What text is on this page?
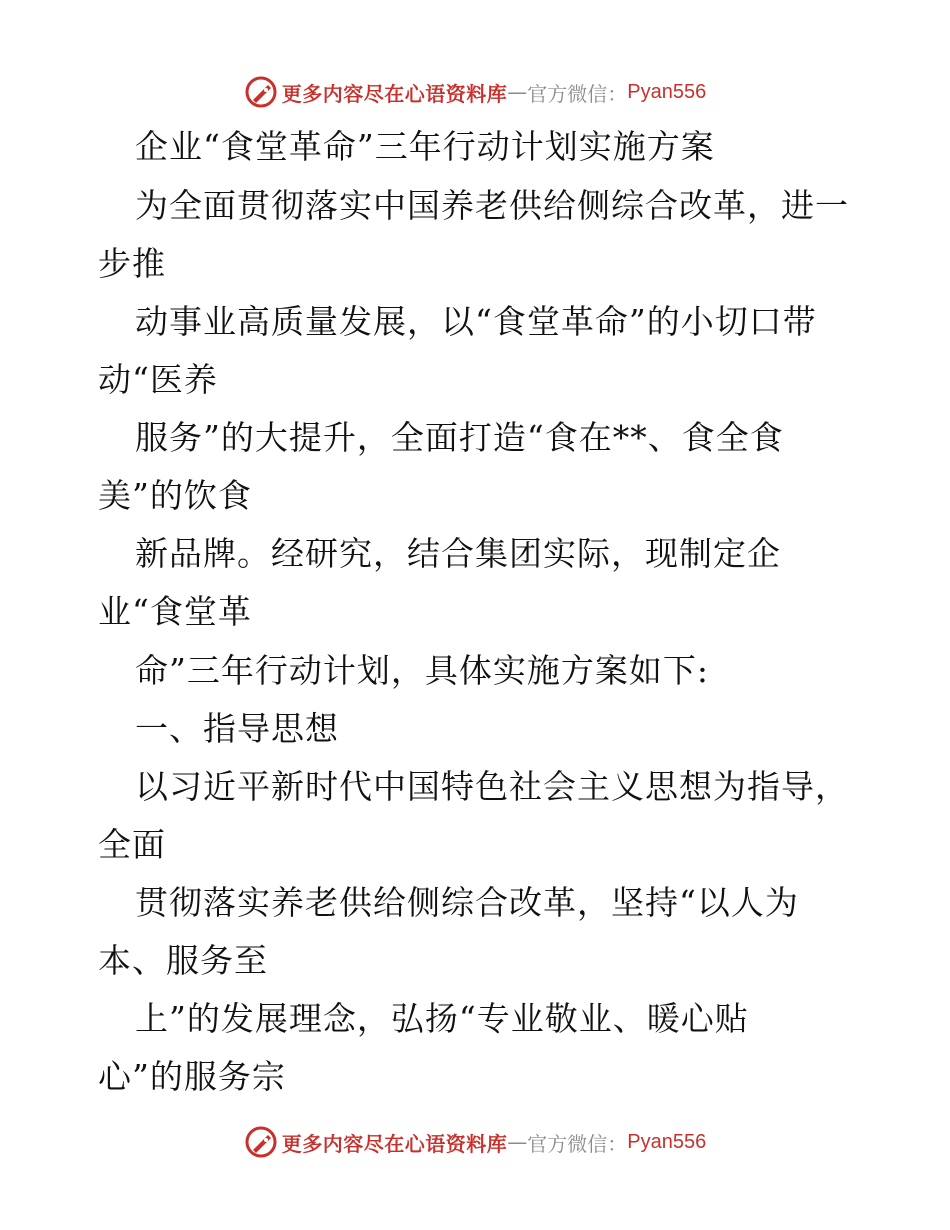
更多内容尽在心语资料库 — 官方微信： Pyan556
企业“食堂革命”三年行动计划实施方案
为全面贯彻落实中国养老供给侧综合改革，进一
步推
动事业高质量发展，以“食堂革命”的小切口带
动“医养
服务”的大提升，全面打造“食在**、食全食
美”的饮食
新品牌。经研究，结合集团实际，现制定企
业“食堂革
命”三年行动计划，具体实施方案如下:
一、指导思想
以习近平新时代中国特色社会主义思想为指导，
全面
贯彻落实养老供给侧综合改革，坚持“以人为
本、服务至
上”的发展理念，弘扬“专业敬业、暖心贴
心”的服务宗
更多内容尽在心语资料库 — 官方微信： Pyan556
